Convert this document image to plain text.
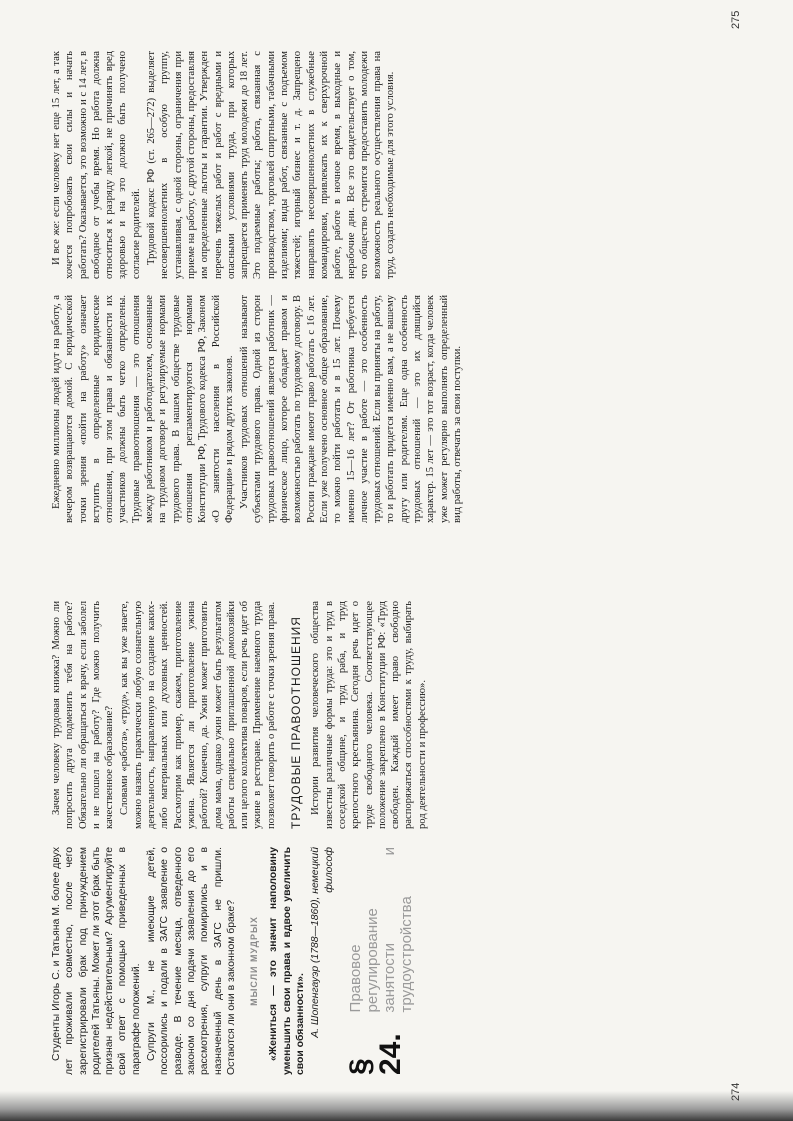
Студенты Игорь С. и Татьяна М. более двух лет проживали совместно, после чего зарегистрировали брак под принуждением родителей Татьяны. Может ли этот брак быть признан недействительным? Аргументируйте свой ответ с помощью приведенных в параграфе положений. Супруги М., не имеющие детей, поссорились и подали в ЗАГС заявление о разводе. В течение месяца, отведенного законом со дня подачи заявления до его рассмотрения, супруги помирились и в назначенный день в ЗАГС не пришли. Остаются ли они в законном браке? МЫСЛИ МУДРЫХ «Жениться — это значит наполовину уменьшить свои права и вдвое увеличить свои обязанности». А. Шопенгауэр (1788—1860), немецкий философ

§ 24.
Правовое регулирование занятости и трудоустройства

Зачем человеку трудовая книжка? Можно ли попросить друга подменить тебя на работе? Обязательно ли обращаться к врачу, если заболел и не пошел на работу? Где можно получить качественное образование? Словами «работа», «труд», как вы уже знаете, можно назвать практически любую сознательную деятельность, направленную на создание каких-либо материальных или духовных ценностей. Рассмотрим как пример, скажем, приготовление ужина. Является ли приготовление ужина работой? Конечно, да. Ужин может приготовить дома мама, однако ужин может быть результатом работы специально приглашенной домохозяйки или целого коллектива поваров, если речь идет об ужине в ресторане. Применение наемного труда позволяет говорить о работе с точки зрения права. ТРУДОВЫЕ ПРАВООТНОШЕНИЯ Истории развития человеческого общества известны различные формы труда: это и труд в соседской общине, и труд раба, и труд крепостного крестьянина. Сегодня речь идет о труде свободного человека. Соответствующее положение закреплено в Конституции РФ: «Труд свободен. Каждый имеет право свободно распоряжаться способностями к труду, выбирать род деятельности и профессию».

Ежедневно миллионы людей идут на работу, а вечером возвращаются домой. С юридической точки зрения «пойти на работу» означает вступить в определенные юридические отношения, при этом права и обязанности их участников должны быть четко определены. Трудовые правоотношения — это отношения между работником и работодателем, основанные на трудовом договоре и регулируемые нормами трудового права. В нашем обществе трудовые отношения регламентируются нормами Конституции РФ, Трудового кодекса РФ, Законом «О занятости населения в Российской Федерации» и рядом других законов. Участников трудовых отношений называют субъектами трудового права. Одной из сторон трудовых правоотношений является работник — физическое лицо, которое обладает правом и возможностью работать по трудовому договору. В России граждане имеют право работать с 16 лет. Если уже получено основное общее образование, то можно пойти работать и в 15 лет. Почему именно 15—16 лет? От работника требуется личное участие в работе — это особенность трудовых отношений. Если вы приняты на работу, то и работать придется именно вам, а не вашему другу или родителям. Еще одна особенность трудовых отношений — это их длящийся характер. 15 лет — это тот возраст, когда человек уже может регулярно выполнять определенный вид работы, отвечать за свои поступки.

И все же: если человеку нет еще 15 лет, а так хочется попробовать свои силы и начать работать? Оказывается, это возможно и с 14 лет, в свободное от учебы время. Но работа должна относиться к разряду легкой, не причинять вред здоровью и на это должно быть получено согласие родителей. Трудовой кодекс РФ (ст. 265—272) выделяет несовершеннолетних в особую группу, устанавливая, с одной стороны, ограничения при приеме на работу, с другой стороны, предоставляя им определенные льготы и гарантии. Утвержден перечень тяжелых работ и работ с вредными и опасными условиями труда, при которых запрещается применять труд молодежи до 18 лет. Это подземные работы; работа, связанная с производством, торговлей спиртными, табачными изделиями; виды работ, связанные с подъемом тяжестей; игорный бизнес и т. д. Запрещено направлять несовершеннолетних в служебные командировки, привлекать их к сверхурочной работе, работе в ночное время, в выходные и нерабочие дни. Все это свидетельствует о том, что общество стремится предоставить молодежи возможность реального осуществления права на труд, создать необходимые для этого условия.

274
275
